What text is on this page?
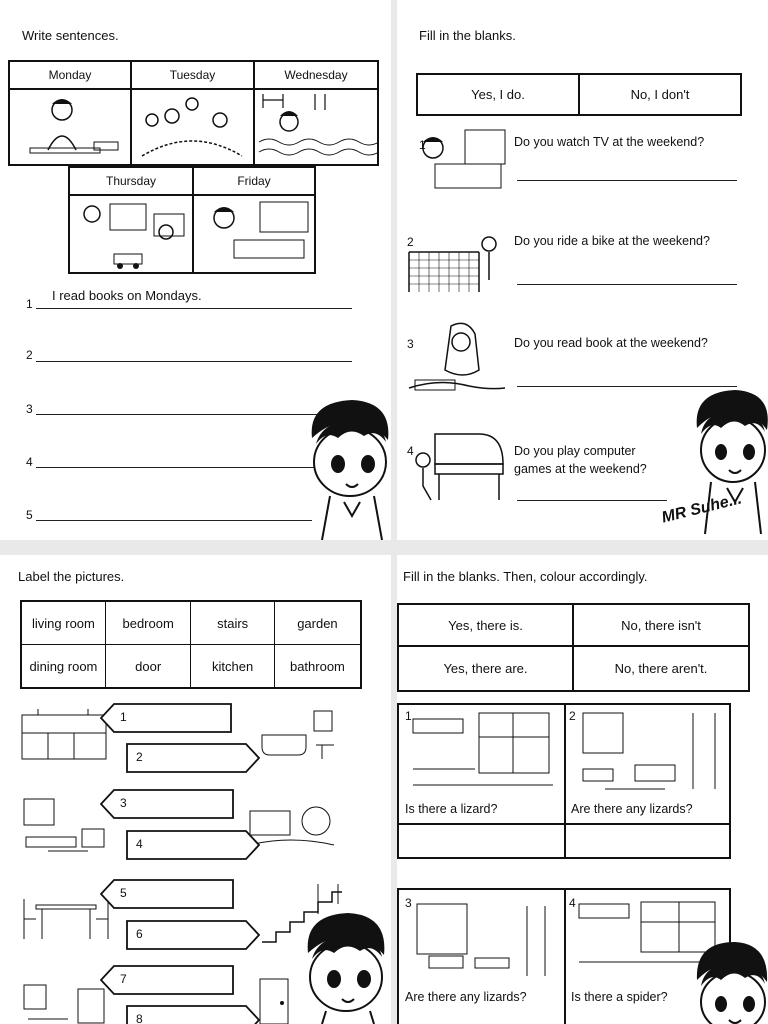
Write sentences.
Monday	Tuesday	Wednesday
Thursday	Friday
1
I read books on Mondays.
2
3
4
5
Fill in the blanks.
Yes, I do.	No, I don't
1	Do you watch TV at the weekend?
2	Do you ride a bike at the weekend?
3	Do you read book at the weekend?
4	Do you play computer games at the weekend?
MR Suhe...
Label the pictures.
living room	bedroom	stairs	garden
dining room	door	kitchen	bathroom
1
2
3
4
5
6
7
8
Fill in the blanks. Then, colour accordingly.
Yes, there is.	No, there isn't
Yes, there are.	No, there aren't.
1
Is there a lizard?
2
Are there any lizards?
3
Are there any lizards?
4
Is there a spider?
